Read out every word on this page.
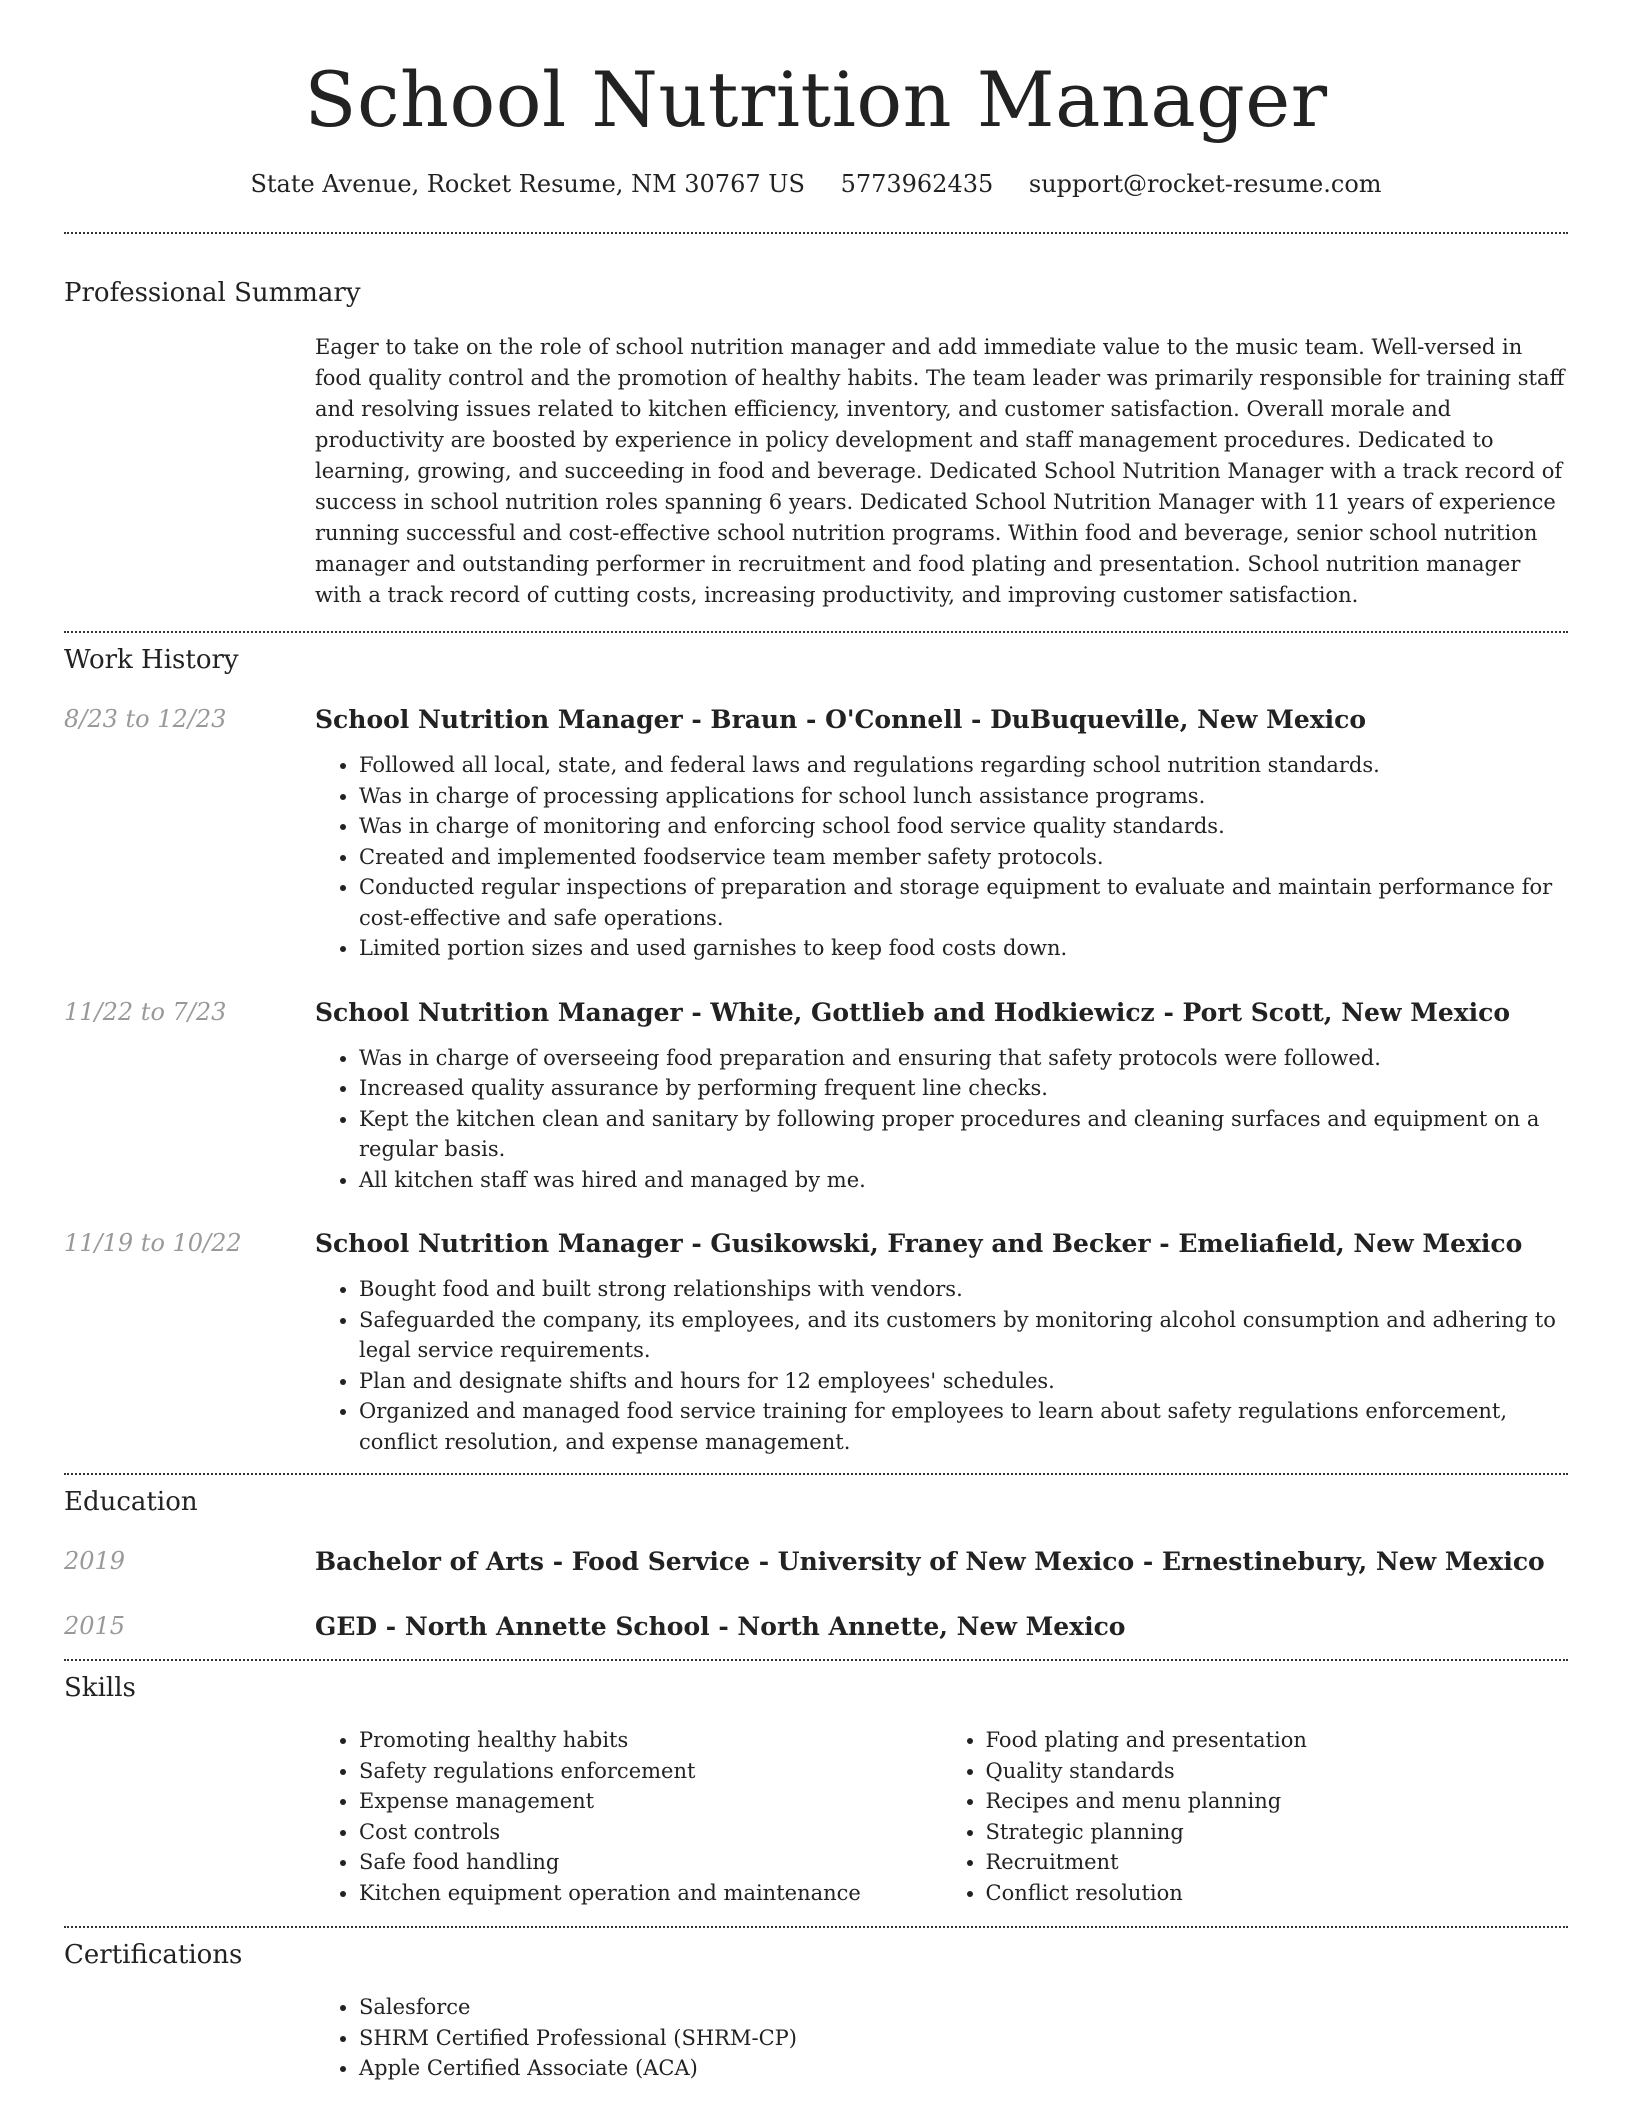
School Nutrition Manager
State Avenue, Rocket Resume, NM 30767 US 5773962435 support@rocket-resume.com
Professional Summary

Eager to take on the role of school nutrition manager and add immediate value to the music team. Well-versed in food quality control and the promotion of healthy habits. The team leader was primarily responsible for training staff and resolving issues related to kitchen efficiency, inventory, and customer satisfaction. Overall morale and productivity are boosted by experience in policy development and staff management procedures. Dedicated to learning, growing, and succeeding in food and beverage. Dedicated School Nutrition Manager with a track record of success in school nutrition roles spanning 6 years. Dedicated School Nutrition Manager with 11 years of experience running successful and cost-effective school nutrition programs. Within food and beverage, senior school nutrition manager and outstanding performer in recruitment and food plating and presentation. School nutrition manager with a track record of cutting costs, increasing productivity, and improving customer satisfaction.

Work History
8/23 to 12/23	School Nutrition Manager - Braun - O'Connell - DuBuqueville, New Mexico
• Followed all local, state, and federal laws and regulations regarding school nutrition standards.
• Was in charge of processing applications for school lunch assistance programs.
• Was in charge of monitoring and enforcing school food service quality standards.
• Created and implemented foodservice team member safety protocols.
• Conducted regular inspections of preparation and storage equipment to evaluate and maintain performance for cost-effective and safe operations.
• Limited portion sizes and used garnishes to keep food costs down.
11/22 to 7/23	School Nutrition Manager - White, Gottlieb and Hodkiewicz - Port Scott, New Mexico
• Was in charge of overseeing food preparation and ensuring that safety protocols were followed.
• Increased quality assurance by performing frequent line checks.
• Kept the kitchen clean and sanitary by following proper procedures and cleaning surfaces and equipment on a regular basis.
• All kitchen staff was hired and managed by me.
11/19 to 10/22	School Nutrition Manager - Gusikowski, Franey and Becker - Emeliafield, New Mexico
• Bought food and built strong relationships with vendors.
• Safeguarded the company, its employees, and its customers by monitoring alcohol consumption and adhering to legal service requirements.
• Plan and designate shifts and hours for 12 employees' schedules.
• Organized and managed food service training for employees to learn about safety regulations enforcement, conflict resolution, and expense management.
Education
2019	Bachelor of Arts - Food Service - University of New Mexico - Ernestinebury, New Mexico
2015	GED - North Annette School - North Annette, New Mexico
Skills
• Promoting healthy habits
• Safety regulations enforcement
• Expense management
• Cost controls
• Safe food handling
• Kitchen equipment operation and maintenance
• Food plating and presentation
• Quality standards
• Recipes and menu planning
• Strategic planning
• Recruitment
• Conflict resolution
Certifications
• Salesforce
• SHRM Certified Professional (SHRM-CP)
• Apple Certified Associate (ACA)
